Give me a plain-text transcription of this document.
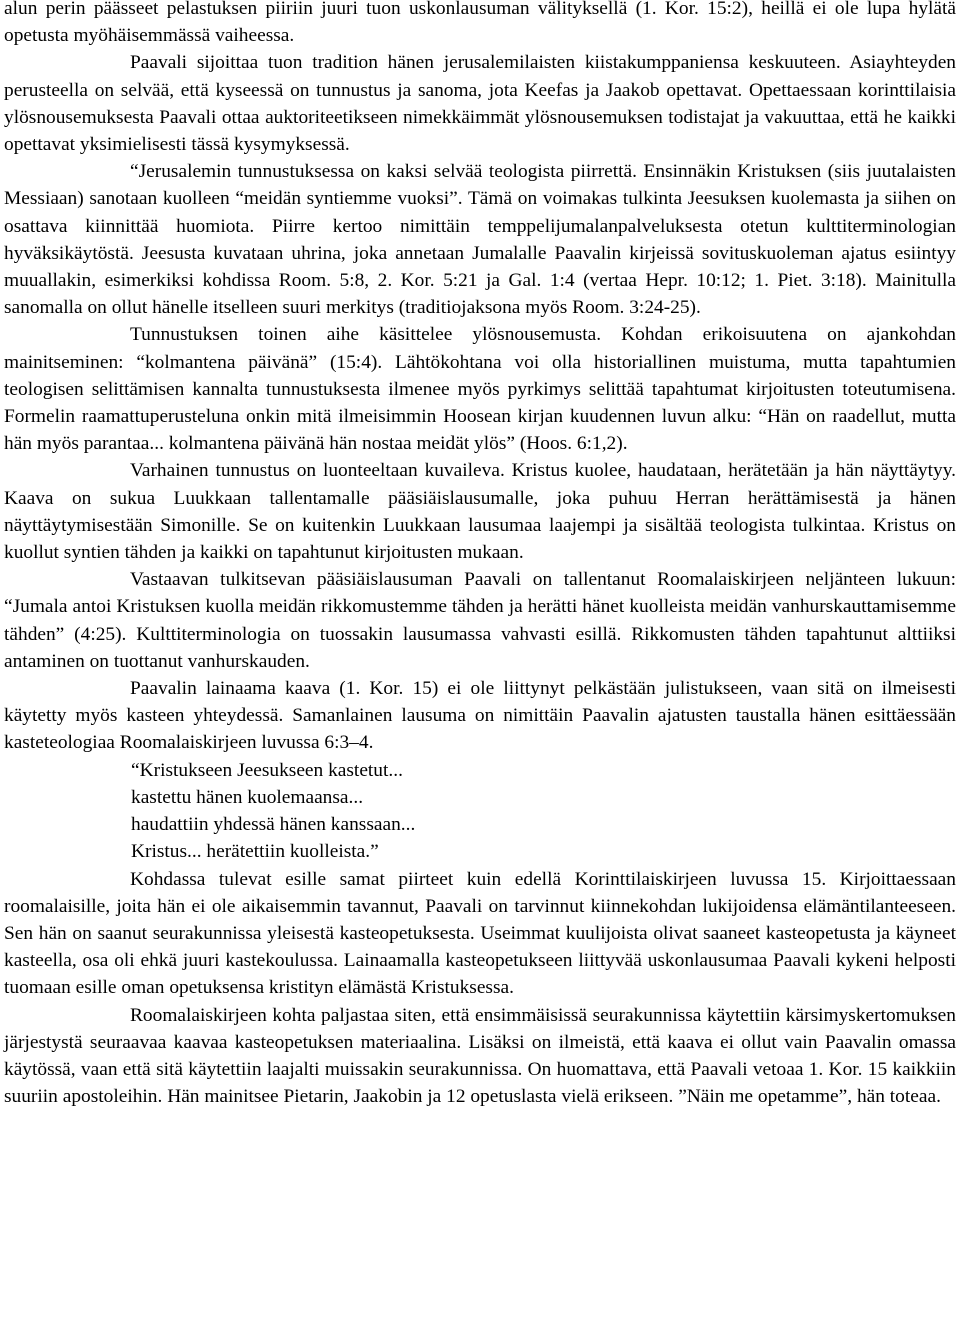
alun perin päässeet pelastuksen piiriin juuri tuon uskonlausuman välityksellä (1. Kor. 15:2), heillä ei ole lupa hylätä opetusta myöhäisemmässä vaiheessa.

Paavali sijoittaa tuon tradition hänen jerusalemilaisten kiistakumppaniensa keskuuteen. Asiayhteyden perusteella on selvää, että kyseessä on tunnustus ja sanoma, jota Keefas ja Jaakob opettavat. Opettaessaan korinttilaisia ylösnousemuksesta Paavali ottaa auktoriteetikseen nimekkäimmät ylösnousemuksen todistajat ja vakuuttaa, että he kaikki opettavat yksimielisesti tässä kysymyksessä.

“Jerusalemin tunnustuksessa on kaksi selvää teologista piirrettä. Ensinnäkin Kristuksen (siis juutalaisten Messiaan) sanotaan kuolleen “meidän syntiemme vuoksi”. Tämä on voimakas tulkinta Jeesuksen kuolemasta ja siihen on osattava kiinnittää huomiota. Piirre kertoo nimittäin temppelijumalanpalveluksesta otetun kulttiterminologian hyväksikäytöstä. Jeesusta kuvataan uhrina, joka annetaan Jumalalle Paavalin kirjeissä sovituskuoleman ajatus esiintyy muuallakin, esimerkiksi kohdissa Room. 5:8, 2. Kor. 5:21 ja Gal. 1:4 (vertaa Hepr. 10:12; 1. Piet. 3:18). Mainitulla sanomalla on ollut hänelle itselleen suuri merkitys (traditiojaksona myös Room. 3:24-25).

Tunnustuksen toinen aihe käsittelee ylösnousemusta. Kohdan erikoisuutena on ajankohdan mainitseminen: “kolmantena päivänä” (15:4). Lähtökohtana voi olla historiallinen muistuma, mutta tapahtumien teologisen selittämisen kannalta tunnustuksesta ilmenee myös pyrkimys selittää tapahtumat kirjoitusten toteutumisena. Formelin raamattuperusteluna onkin mitä ilmeisimmin Hoosean kirjan kuudennen luvun alku: “Hän on raadellut, mutta hän myös parantaa... kolmantena päivänä hän nostaa meidät ylös” (Hoos. 6:1,2).

Varhainen tunnustus on luonteeltaan kuvaileva. Kristus kuolee, haudataan, herätetään ja hän näyttäytyy. Kaava on sukua Luukkaan tallentamalle pääsiäislausumalle, joka puhuu Herran herättämisestä ja hänen näyttäytymisestään Simonille. Se on kuitenkin Luukkaan lausumaa laajempi ja sisältää teologista tulkintaa. Kristus on kuollut syntien tähden ja kaikki on tapahtunut kirjoitusten mukaan.

Vastaavan tulkitsevan pääsiäislausuman Paavali on tallentanut Roomalaiskirjeen neljänteen lukuun: “Jumala antoi Kristuksen kuolla meidän rikkomustemme tähden ja herätti hänet kuolleista meidän vanhurskauttamisemme tähden” (4:25). Kulttiterminologia on tuossakin lausumassa vahvasti esillä. Rikkomusten tähden tapahtunut alttiiksi antaminen on tuottanut vanhurskauden.

Paavalin lainaama kaava (1. Kor. 15) ei ole liittynyt pelkästään julistukseen, vaan sitä on ilmeisesti käytetty myös kasteen yhteydessä. Samanlainen lausuma on nimittäin Paavalin ajatusten taustalla hänen esittäessään kasteteologiaa Roomalaiskirjeen luvussa 6:3–4.

“Kristukseen Jeesukseen kastetut...
kastettu hänen kuolemaansa...
haudattiin yhdessä hänen kanssaan...
Kristus... herätettiin kuolleista.”

Kohdassa tulevat esille samat piirteet kuin edellä Korinttilaiskirjeen luvussa 15. Kirjoittaessaan roomalaisille, joita hän ei ole aikaisemmin tavannut, Paavali on tarvinnut kiinnekohdan lukijoidensa elämäntilanteeseen. Sen hän on saanut seurakunnissa yleisestä kasteopetuksesta. Useimmat kuulijoista olivat saaneet kasteopetusta ja käyneet kasteella, osa oli ehkä juuri kastekoulussa. Lainaamalla kasteopetukseen liittyvää uskonlausumaa Paavali kykeni helposti tuomaan esille oman opetuksensa kristityn elämästä Kristuksessa.

Roomalaiskirjeen kohta paljastaa siten, että ensimmäisissä seurakunnissa käytettiin kärsimyskertomuksen järjestystä seuraavaa kaavaa kasteopetuksen materiaalina. Lisäksi on ilmeistä, että kaava ei ollut vain Paavalin omassa käytössä, vaan että sitä käytettiin laajalti muissakin seurakunnissa. On huomattava, että Paavali vetoaa 1. Kor. 15 kaikkiin suuriin apostoleihin. Hän mainitsee Pietarin, Jaakobin ja 12 opetuslasta vielä erikseen. ”Näin me opetamme”, hän toteaa.
